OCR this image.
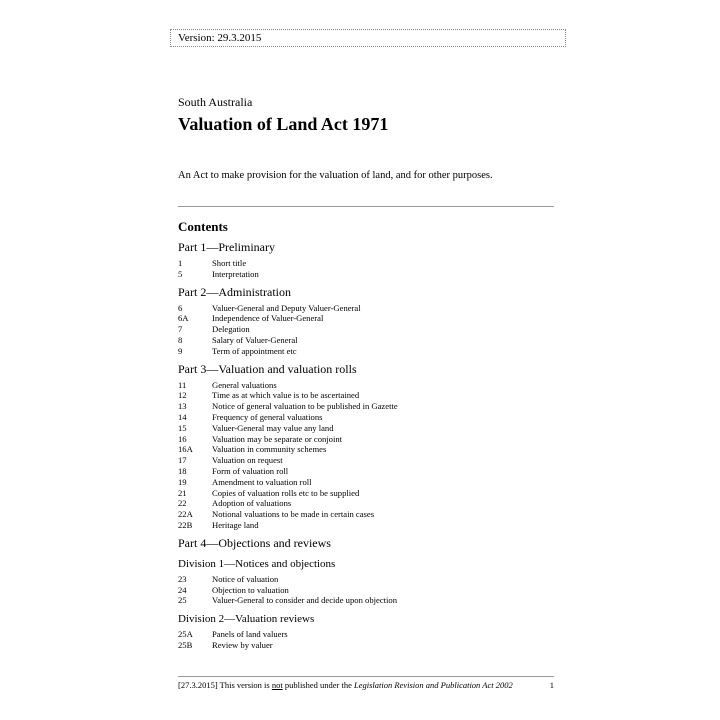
Version: 29.3.2015
South Australia
Valuation of Land Act 1971
An Act to make provision for the valuation of land, and for other purposes.
Contents
Part 1—Preliminary
1	Short title
5	Interpretation
Part 2—Administration
6	Valuer-General and Deputy Valuer-General
6A	Independence of Valuer-General
7	Delegation
8	Salary of Valuer-General
9	Term of appointment etc
Part 3—Valuation and valuation rolls
11	General valuations
12	Time as at which value is to be ascertained
13	Notice of general valuation to be published in Gazette
14	Frequency of general valuations
15	Valuer-General may value any land
16	Valuation may be separate or conjoint
16A	Valuation in community schemes
17	Valuation on request
18	Form of valuation roll
19	Amendment to valuation roll
21	Copies of valuation rolls etc to be supplied
22	Adoption of valuations
22A	Notional valuations to be made in certain cases
22B	Heritage land
Part 4—Objections and reviews
Division 1—Notices and objections
23	Notice of valuation
24	Objection to valuation
25	Valuer-General to consider and decide upon objection
Division 2—Valuation reviews
25A	Panels of land valuers
25B	Review by valuer
[27.3.2015] This version is not published under the Legislation Revision and Publication Act 2002	1
